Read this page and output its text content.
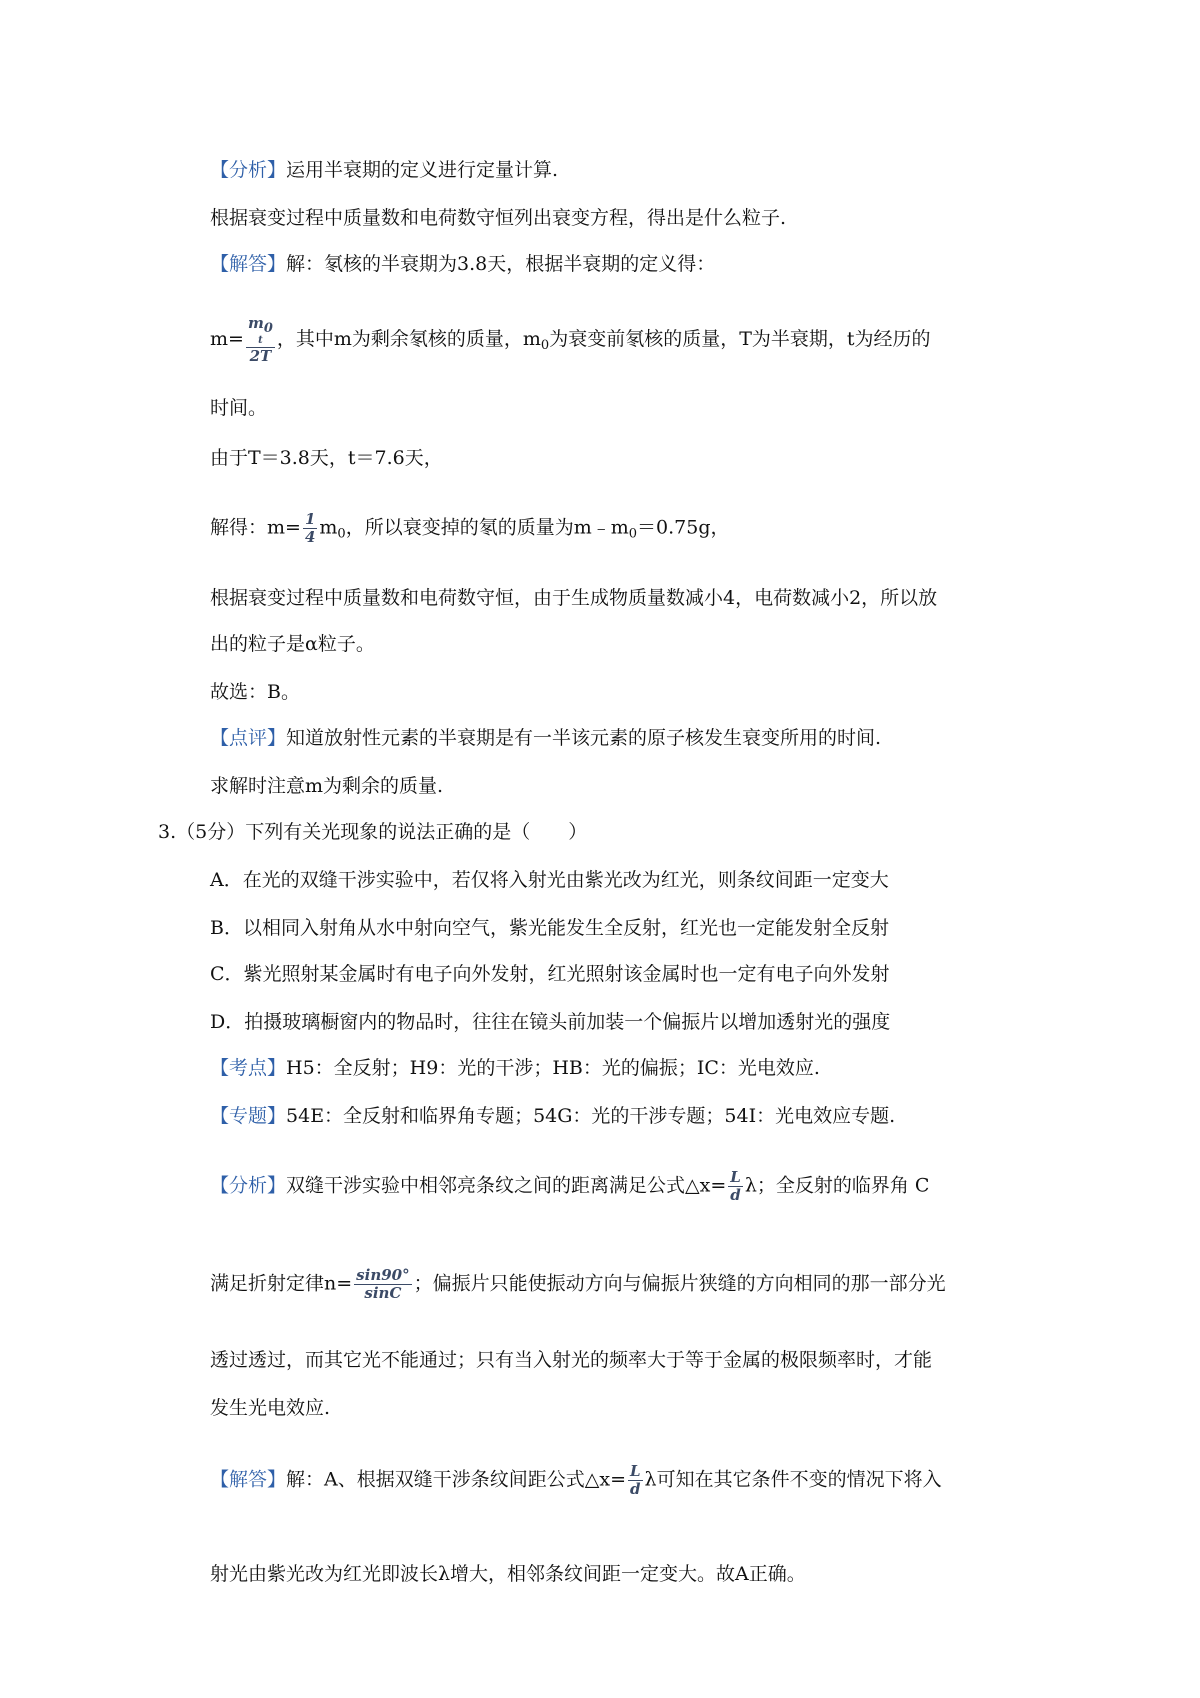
【分析】运用半衰期的定义进行定量计算.
根据衰变过程中质量数和电荷数守恒列出衰变方程，得出是什么粒子.
【解答】解：氡核的半衰期为3.8天，根据半衰期的定义得：
m= m0
t
2T ，其中m为剩余氡核的质量，$m_0$为衰变前氡核的质量，T为半衰期，t为经历的
时间。
由于T＝3.8天，t＝7.6天，
解得：$m= \frac{1}{4} m_0$，所以衰变掉的氡的质量为$m﹣m_0=0.75g$，
根据衰变过程中质量数和电荷数守恒，由于生成物质量数减小4，电荷数减小2，所以放
出的粒子是α粒子。
故选：B。
【点评】知道放射性元素的半衰期是有一半该元素的原子核发生衰变所用的时间.
求解时注意m为剩余的质量.
3.（5分）下列有关光现象的说法正确的是（　　）
A．在光的双缝干涉实验中，若仅将入射光由紫光改为红光，则条纹间距一定变大
B．以相同入射角从水中射向空气，紫光能发生全反射，红光也一定能发射全反射
C．紫光照射某金属时有电子向外发射，红光照射该金属时也一定有电子向外发射
D．拍摄玻璃橱窗内的物品时，往往在镜头前加装一个偏振片以增加透射光的强度
【考点】H5：全反射；H9：光的干涉；HB：光的偏振；IC：光电效应.
【专题】54E：全反射和临界角专题；54G：光的干涉专题；54I：光电效应专题.
【分析】双缝干涉实验中相邻亮条纹之间的距离满足公式△x= $\frac{L}{d}$ λ；全反射的临界角 C
满足折射定律$n= \frac{\sin 90^\circ}{\sin C}$ ；偏振片只能使振动方向与偏振片狭缝的方向相同的那一部分光
透过透过，而其它光不能通过；只有当入射光的频率大于等于金属的极限频率时，才能
发生光电效应.
【解答】解：A、根据双缝干涉条纹间距公式△x= $\frac{L}{d}$ λ可知在其它条件不变的情况下将入
射光由紫光改为红光即波长λ增大，相邻条纹间距一定变大。故A正确。
